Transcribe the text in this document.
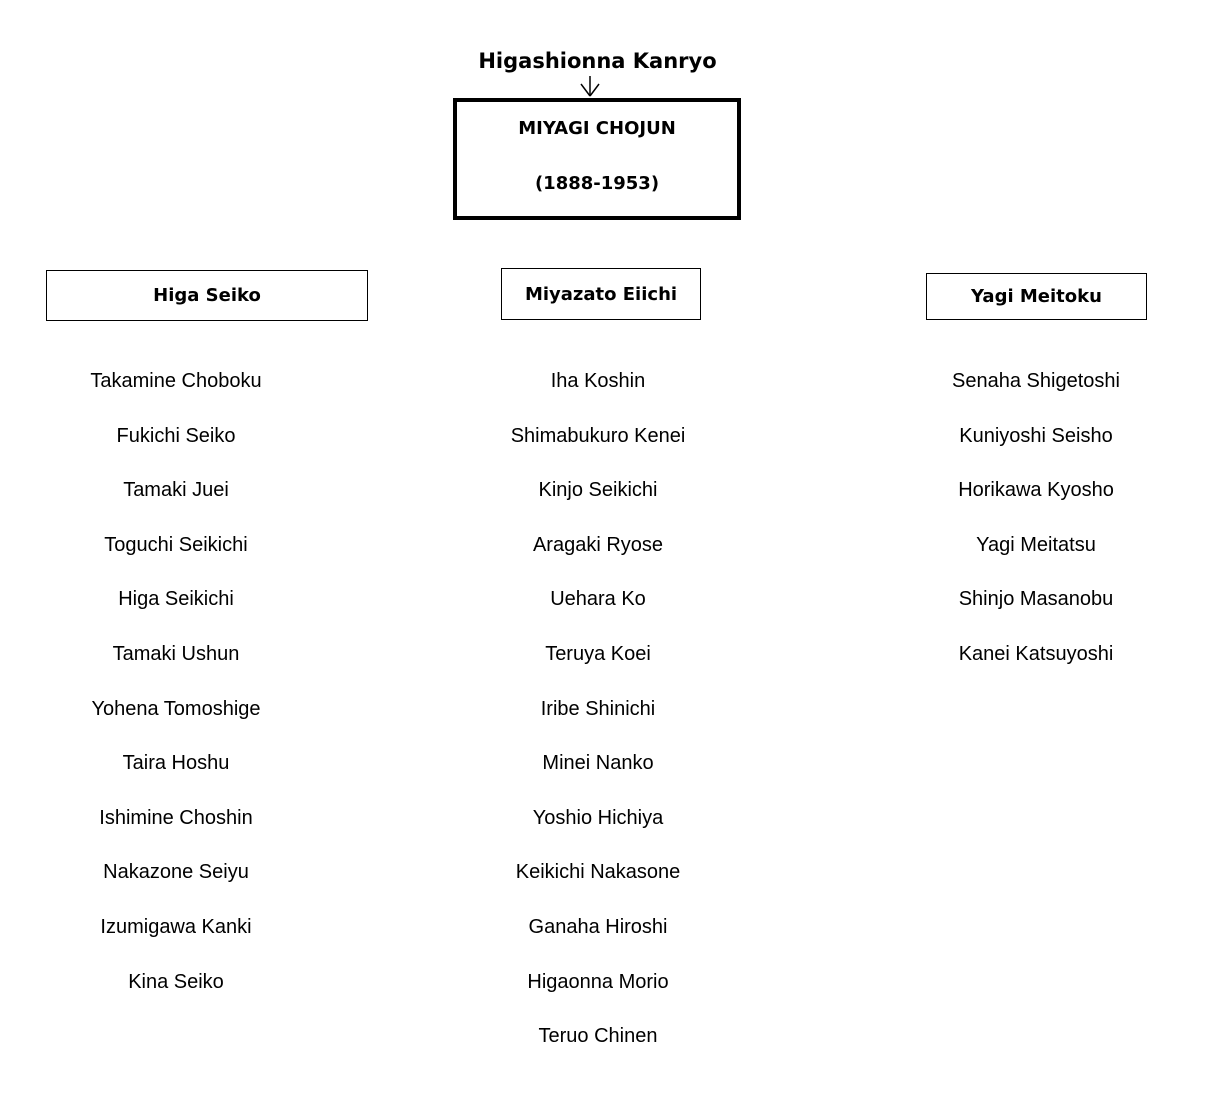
Higashionna Kanryo
MIYAGI CHOJUN
(1888-1953)
Higa Seiko	Miyazato Eiichi	Yagi Meitoku
Takamine Choboku
Fukichi Seiko
Tamaki Juei
Toguchi Seikichi
Higa Seikichi
Tamaki Ushun
Yohena Tomoshige
Taira Hoshu
Ishimine Choshin
Nakazone Seiyu
Izumigawa Kanki
Kina Seiko
Iha Koshin
Shimabukuro Kenei
Kinjo Seikichi
Aragaki Ryose
Uehara Ko
Teruya Koei
Iribe Shinichi
Minei Nanko
Yoshio Hichiya
Keikichi Nakasone
Ganaha Hiroshi
Higaonna Morio
Teruo Chinen
Senaha Shigetoshi
Kuniyoshi Seisho
Horikawa Kyosho
Yagi Meitatsu
Shinjo Masanobu
Kanei Katsuyoshi
